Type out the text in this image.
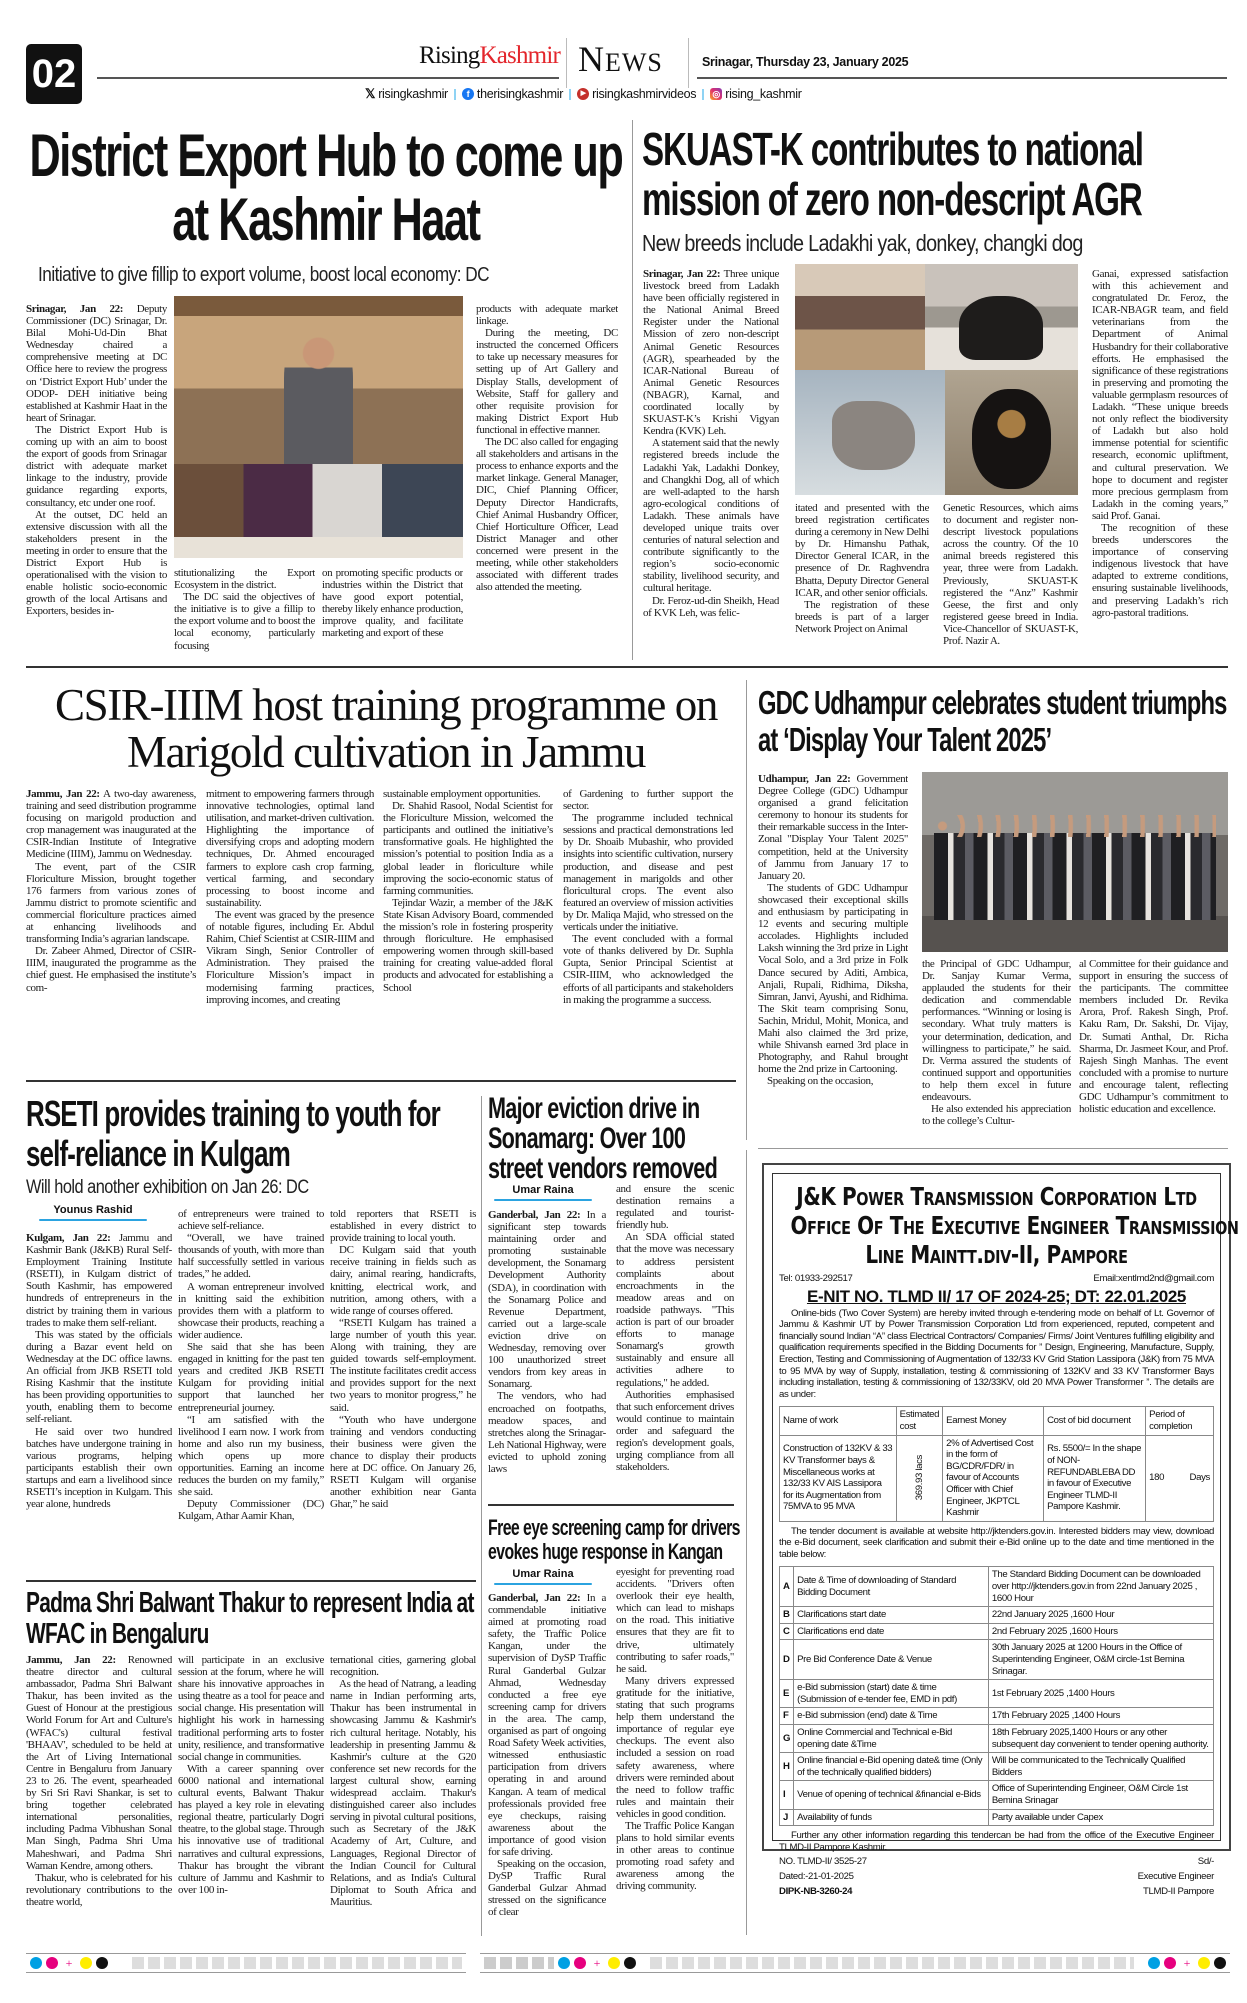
02	RisingKashmir NEWS	Srinagar, Thursday 23, January 2025
𝕏 risingkashmir	f therisingkashmir	▶ risingkashmirvideos ◎ rising_kashmir
District Export Hub to come up at Kashmir Haat
Initiative to give fillip to export volume, boost local economy: DC

Srinagar, Jan 22: Deputy Commissioner (DC) Srinagar, Dr. Bilal Mohi-Ud-Din Bhat Wednesday chaired a comprehensive meeting at DC Office here to review the progress on ‘District Export Hub’ under the ODOP- DEH initiative being established at Kashmir Haat in the heart of Srinagar.

The District Export Hub is coming up with an aim to boost the export of goods from Srinagar district with adequate market linkage to the industry, provide guidance regarding exports, consultancy, etc under one roof.

At the outset, DC held an extensive discussion with all the stakeholders present in the meeting in order to ensure that the District Export Hub is operationalised with the vision to enable holistic socio-economic growth of the local Artisans and Exporters, besides in-

stitutionalizing the Export Ecosystem in the district.

The DC said the objectives of the initiative is to give a fillip to the export volume and to boost the local economy, particularly focusing

on promoting specific products or industries within the District that have good export potential, thereby likely enhance production, improve quality, and facilitate marketing and export of these

products with adequate market linkage.

During the meeting, DC instructed the concerned Officers to take up necessary measures for setting up of Art Gallery and Display Stalls, development of Website, Staff for gallery and other requisite provision for making District Export Hub functional in effective manner.

The DC also called for engaging all stakeholders and artisans in the process to enhance exports and the market linkage. General Manager, DIC, Chief Planning Officer, Deputy Director Handicrafts, Chief Animal Husbandry Officer, Chief Horticulture Officer, Lead District Manager and other concerned were present in the meeting, while other stakeholders associated with different trades also attended the meeting.

SKUAST-K contributes to national mission of zero non-descript AGR
New breeds include Ladakhi yak, donkey, changki dog

Srinagar, Jan 22: Three unique livestock breed from Ladakh have been officially registered in the National Animal Breed Register under the National Mission of zero non-descript Animal Genetic Resources (AGR), spearheaded by the ICAR-National Bureau of Animal Genetic Resources (NBAGR), Karnal, and coordinated locally by SKUAST-K’s Krishi Vigyan Kendra (KVK) Leh.

A statement said that the newly registered breeds include the Ladakhi Yak, Ladakhi Donkey, and Changkhi Dog, all of which are well-adapted to the harsh agro-ecological conditions of Ladakh. These animals have developed unique traits over centuries of natural selection and contribute significantly to the region’s socio-economic stability, livelihood security, and cultural heritage.

Dr. Feroz-ud-din Sheikh, Head of KVK Leh, was felic-

itated and presented with the breed registration certificates during a ceremony in New Delhi by Dr. Himanshu Pathak, Director General ICAR, in the presence of Dr. Raghvendra Bhatta, Deputy Director General ICAR, and other senior officials.

The registration of these breeds is part of a larger Network Project on Animal

Genetic Resources, which aims to document and register non-descript livestock populations across the country. Of the 10 animal breeds registered this year, three were from Ladakh. Previously, SKUAST-K registered the “Anz” Kashmir Geese, the first and only registered geese breed in India. Vice-Chancellor of SKUAST-K, Prof. Nazir A.

Ganai, expressed satisfaction with this achievement and congratulated Dr. Feroz, the ICAR-NBAGR team, and field veterinarians from the Department of Animal Husbandry for their collaborative efforts. He emphasised the significance of these registrations in preserving and promoting the valuable germplasm resources of Ladakh. “These unique breeds not only reflect the biodiversity of Ladakh but also hold immense potential for scientific research, economic upliftment, and cultural preservation. We hope to document and register more precious germplasm from Ladakh in the coming years,” said Prof. Ganai.

The recognition of these breeds underscores the importance of conserving indigenous livestock that have adapted to extreme conditions, ensuring sustainable livelihoods, and preserving Ladakh’s rich agro-pastoral traditions.

CSIR-IIIM host training programme on Marigold cultivation in Jammu

Jammu, Jan 22: A two-day awareness, training and seed distribution programme focusing on marigold production and crop management was inaugurated at the CSIR-Indian Institute of Integrative Medicine (IIIM), Jammu on Wednesday.

The event, part of the CSIR Floriculture Mission, brought together 176 farmers from various zones of Jammu district to promote scientific and commercial floriculture practices aimed at enhancing livelihoods and transforming India’s agrarian landscape.

Dr. Zabeer Ahmed, Director of CSIR-IIIM, inaugurated the programme as the chief guest. He emphasised the institute’s com-

mitment to empowering farmers through innovative technologies, optimal land utilisation, and market-driven cultivation. Highlighting the importance of diversifying crops and adopting modern techniques, Dr. Ahmed encouraged farmers to explore cash crop farming, vertical farming, and secondary processing to boost income and sustainability.

The event was graced by the presence of notable figures, including Er. Abdul Rahim, Chief Scientist at CSIR-IIIM and Vikram Singh, Senior Controller of Administration. They praised the Floriculture Mission’s impact in modernising farming practices, improving incomes, and creating

sustainable employment opportunities.

Dr. Shahid Rasool, Nodal Scientist for the Floriculture Mission, welcomed the participants and outlined the initiative’s transformative goals. He highlighted the mission’s potential to position India as a global leader in floriculture while improving the socio-economic status of farming communities.

Tejindar Wazir, a member of the J&K State Kisan Advisory Board, commended the mission’s role in fostering prosperity through floriculture. He emphasised empowering women through skill-based training for creating value-added floral products and advocated for establishing a School

of Gardening to further support the sector.

The programme included technical sessions and practical demonstrations led by Dr. Shoaib Mubashir, who provided insights into scientific cultivation, nursery production, and disease and pest management in marigolds and other floricultural crops. The event also featured an overview of mission activities by Dr. Maliqa Majid, who stressed on the verticals under the initiative.

The event concluded with a formal vote of thanks delivered by Dr. Suphla Gupta, Senior Principal Scientist at CSIR-IIIM, who acknowledged the efforts of all participants and stakeholders in making the programme a success.

GDC Udhampur celebrates student triumphs at ‘Display Your Talent 2025’

Udhampur, Jan 22: Government Degree College (GDC) Udhampur organised a grand felicitation ceremony to honour its students for their remarkable success in the Inter-Zonal "Display Your Talent 2025" competition, held at the University of Jammu from January 17 to January 20.

The students of GDC Udhampur showcased their exceptional skills and enthusiasm by participating in 12 events and securing multiple accolades. Highlights included Laksh winning the 3rd prize in Light Vocal Solo, and a 3rd prize in Folk Dance secured by Aditi, Ambica, Anjali, Rupali, Ridhima, Diksha, Simran, Janvi, Ayushi, and Ridhima. The Skit team comprising Sonu, Sachin, Mridul, Mohit, Monica, and Mahi also claimed the 3rd prize, while Shivansh earned 3rd place in Photography, and Rahul brought home the 2nd prize in Cartooning.

Speaking on the occasion,

the Principal of GDC Udhampur, Dr. Sanjay Kumar Verma, applauded the students for their dedication and commendable performances. “Winning or losing is secondary. What truly matters is your determination, dedication, and willingness to participate,” he said. Dr. Verma assured the students of continued support and opportunities to help them excel in future endeavours.

He also extended his appreciation to the college’s Cultur-

al Committee for their guidance and support in ensuring the success of the participants. The committee members included Dr. Revika Arora, Prof. Rakesh Singh, Prof. Kaku Ram, Dr. Sakshi, Dr. Vijay, Dr. Sumati Anthal, Dr. Richa Sharma, Dr. Jasmeet Kour, and Prof. Rajesh Singh Manhas. The event concluded with a promise to nurture and encourage talent, reflecting GDC Udhampur’s commitment to holistic education and excellence.

RSETI provides training to youth for self-reliance in Kulgam
Will hold another exhibition on Jan 26: DC
Younus Rashid

Kulgam, Jan 22: Jammu and Kashmir Bank (J&KB) Rural Self-Employment Training Institute (RSETI), in Kulgam district of South Kashmir, has empowered hundreds of entrepreneurs in the district by training them in various trades to make them self-reliant.

This was stated by the officials during a Bazar event held on Wednesday at the DC office lawns. An official from JKB RSETI told Rising Kashmir that the institute has been providing opportunities to youth, enabling them to become self-reliant.

He said over two hundred batches have undergone training in various programs, helping participants establish their own startups and earn a livelihood since RSETI’s inception in Kulgam. This year alone, hundreds

of entrepreneurs were trained to achieve self-reliance.

“Overall, we have trained thousands of youth, with more than half successfully settled in various trades,” he added.

A woman entrepreneur involved in knitting said the exhibition provides them with a platform to showcase their products, reaching a wider audience.

She said that she has been engaged in knitting for the past ten years and credited JKB RSETI Kulgam for providing initial support that launched her entrepreneurial journey.

“I am satisfied with the livelihood I earn now. I work from home and also run my business, which opens up more opportunities. Earning an income reduces the burden on my family,” she said.

Deputy Commissioner (DC) Kulgam, Athar Aamir Khan,

told reporters that RSETI is established in every district to provide training to local youth.

DC Kulgam said that youth receive training in fields such as dairy, animal rearing, handicrafts, knitting, electrical work, and nutrition, among others, with a wide range of courses offered.

“RSETI Kulgam has trained a large number of youth this year. Along with training, they are guided towards self-employment. The institute facilitates credit access and provides support for the next two years to monitor progress,” he said.

“Youth who have undergone training and vendors conducting their business were given the chance to display their products here at DC office. On January 26, RSETI Kulgam will organise another exhibition near Ganta Ghar,” he said

Major eviction drive in Sonamarg: Over 100 street vendors removed
Umar Raina

Ganderbal, Jan 22: In a significant step towards maintaining order and promoting sustainable development, the Sonamarg Development Authority (SDA), in coordination with the Sonamarg Police and Revenue Department, carried out a large-scale eviction drive on Wednesday, removing over 100 unauthorized street vendors from key areas in Sonamarg.

The vendors, who had encroached on footpaths, meadow spaces, and stretches along the Srinagar-Leh National Highway, were evicted to uphold zoning laws

and ensure the scenic destination remains a regulated and tourist-friendly hub.

An SDA official stated that the move was necessary to address persistent complaints about encroachments in the meadow areas and on roadside pathways. "This action is part of our broader efforts to manage Sonamarg's growth sustainably and ensure all activities adhere to regulations," he added.

Authorities emphasised that such enforcement drives would continue to maintain order and safeguard the region's development goals, urging compliance from all stakeholders.

Free eye screening camp for drivers evokes huge response in Kangan
Umar Raina

Ganderbal, Jan 22: In a commendable initiative aimed at promoting road safety, the Traffic Police Kangan, under the supervision of DySP Traffic Rural Ganderbal Gulzar Ahmad, Wednesday conducted a free eye screening camp for drivers in the area. The camp, organised as part of ongoing Road Safety Week activities, witnessed enthusiastic participation from drivers operating in and around Kangan. A team of medical professionals provided free eye checkups, raising awareness about the importance of good vision for safe driving.

Speaking on the occasion, DySP Traffic Rural Ganderbal Gulzar Ahmad stressed on the significance of clear

eyesight for preventing road accidents. "Drivers often overlook their eye health, which can lead to mishaps on the road. This initiative ensures that they are fit to drive, ultimately contributing to safer roads," he said.

Many drivers expressed gratitude for the initiative, stating that such programs help them understand the importance of regular eye checkups. The event also included a session on road safety awareness, where drivers were reminded about the need to follow traffic rules and maintain their vehicles in good condition.

The Traffic Police Kangan plans to hold similar events in other areas to continue promoting road safety and awareness among the driving community.

Padma Shri Balwant Thakur to represent India at WFAC in Bengaluru

Jammu, Jan 22: Renowned theatre director and cultural ambassador, Padma Shri Balwant Thakur, has been invited as the Guest of Honour at the prestigious World Forum for Art and Culture's (WFAC's) cultural festival 'BHAAV', scheduled to be held at the Art of Living International Centre in Bengaluru from January 23 to 26. The event, spearheaded by Sri Sri Ravi Shankar, is set to bring together celebrated international personalities, including Padma Vibhushan Sonal Man Singh, Padma Shri Uma Maheshwari, and Padma Shri Waman Kendre, among others.

Thakur, who is celebrated for his revolutionary contributions to the theatre world,

will participate in an exclusive session at the forum, where he will share his innovative approaches in using theatre as a tool for peace and social change. His presentation will highlight his work in harnessing traditional performing arts to foster unity, resilience, and transformative social change in communities.

With a career spanning over 6000 national and international cultural events, Balwant Thakur has played a key role in elevating regional theatre, particularly Dogri theatre, to the global stage. Through his innovative use of traditional narratives and cultural expressions, Thakur has brought the vibrant culture of Jammu and Kashmir to over 100 in-

ternational cities, garnering global recognition.

As the head of Natrang, a leading name in Indian performing arts, Thakur has been instrumental in showcasing Jammu & Kashmir's rich cultural heritage. Notably, his leadership in presenting Jammu & Kashmir's culture at the G20 conference set new records for the largest cultural show, earning widespread acclaim. Thakur's distinguished career also includes serving in pivotal cultural positions, such as Secretary of the J&K Academy of Art, Culture, and Languages, Regional Director of the Indian Council for Cultural Relations, and as India's Cultural Diplomat to South Africa and Mauritius.

J&K Power Transmission Corporation Ltd
Office Of The Executive Engineer Transmission
Line Maintt.div-II, Pampore
Tel: 01933-292517	Email:xentlmd2nd@gmail.com
E-NIT NO. TLMD II/ 17 OF 2024-25; DT: 22.01.2025

Online-bids (Two Cover System) are hereby invited through e-tendering mode on behalf of Lt. Governor of Jammu & Kashmir UT by Power Transmission Corporation Ltd from experienced, reputed, competent and financially sound Indian “A” class Electrical Contractors/ Companies/ Firms/ Joint Ventures fulfilling eligibility and qualification requirements specified in the Bidding Documents for ” Design, Engineering, Manufacture, Supply, Erection, Testing and Commissioning of Augmentation of 132/33 KV Grid Station Lassipora (J&K) from 75 MVA to 95 MVA by way of Supply, installation, testing & commissioning of 132KV and 33 KV Transformer Bays including installation, testing & commissioning of 132/33KV, old 20 MVA Power Transformer ”. The details are as under:

Name of work	Estimated cost	Earnest Money	Cost of bid document	Period of completion
Construction of 132KV & 33 KV Transformer bays & Miscellaneous works at 132/33 KV AIS Lassipora for its Augmentation from 75MVA to 95 MVA	369.93 lacs	2% of Advertised Cost in the form of BG/CDR/FDR/ in favour of Accounts Officer with Chief Engineer, JKPTCL Kashmir	Rs. 5500/= In the shape of NON-REFUNDABLEBA DD in favour of Executive Engineer TLMD-II Pampore Kashmir.	180 Days

The tender document is available at website http://jktenders.gov.in. Interested bidders may view, download the e-Bid document, seek clarification and submit their e-Bid online up to the date and time mentioned in the table below:

A	Date & Time of downloading of Standard Bidding Document	The Standard Bidding Document can be downloaded over http://jktenders.gov.in from 22nd January 2025 , 1600 Hour
B	Clarifications start date	22nd January 2025 ,1600 Hour
C	Clarifications end date	2nd February 2025 ,1600 Hours
D	Pre Bid Conference Date & Venue	30th January 2025 at 1200 Hours in the Office of Superintending Engineer, O&M circle-1st Bemina Srinagar.
E	e-Bid submission (start) date & time (Submission of e-tender fee, EMD in pdf)	1st February 2025 ,1400 Hours
F	e-Bid submission (end) date & Time	17th February 2025 ,1400 Hours
G	Online Commercial and Technical e-Bid opening date &Time	18th February 2025,1400 Hours or any other subsequent day convenient to tender opening authority.
H	Online financial e-Bid opening date& time (Only of the technically qualified bidders)	Will be communicated to the Technically Qualified Bidders
I	Venue of opening of technical &financial e-Bids	Office of Superintending Engineer, O&M Circle 1st Bemina Srinagar
J	Availability of funds	Party available under Capex

Further any other information regarding this tendercan be had from the office of the Executive Engineer TLMD-II Pampore Kashmir.

NO. TLMD-II/ 3525-27	Sd/-
Dated:-21-01-2025	Executive Engineer
DIPK-NB-3260-24	TLMD-II Pampore
+	+	+
